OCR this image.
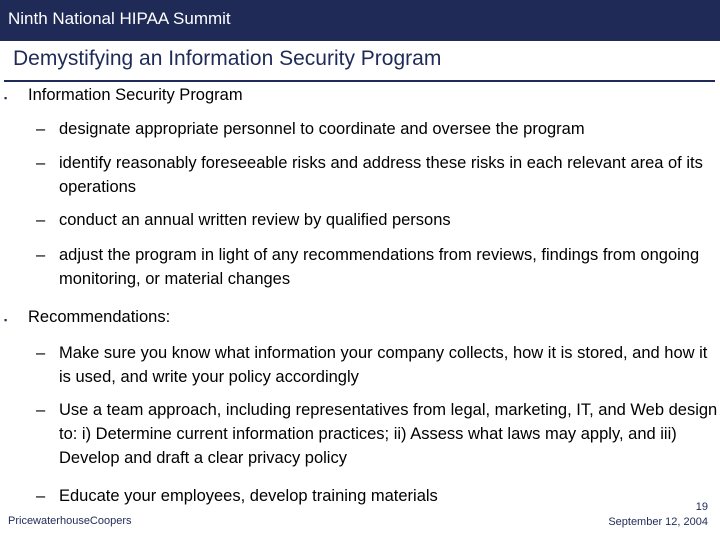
Ninth National HIPAA Summit
Demystifying an Information Security Program
▪ Information Security Program
– designate appropriate personnel to coordinate and oversee the program
– identify reasonably foreseeable risks and address these risks in each relevant area of its operations
– conduct an annual written review by qualified persons
– adjust the program in light of any recommendations from reviews, findings from ongoing monitoring, or material changes
▪ Recommendations:
– Make sure you know what information your company collects, how it is stored, and how it is used, and write your policy accordingly
– Use a team approach, including representatives from legal, marketing, IT, and Web design to: i) Determine current information practices; ii) Assess what laws may apply, and iii) Develop and draft a clear privacy policy
– Educate your employees, develop training materials
PricewaterhouseCoopers
19
September 12, 2004
